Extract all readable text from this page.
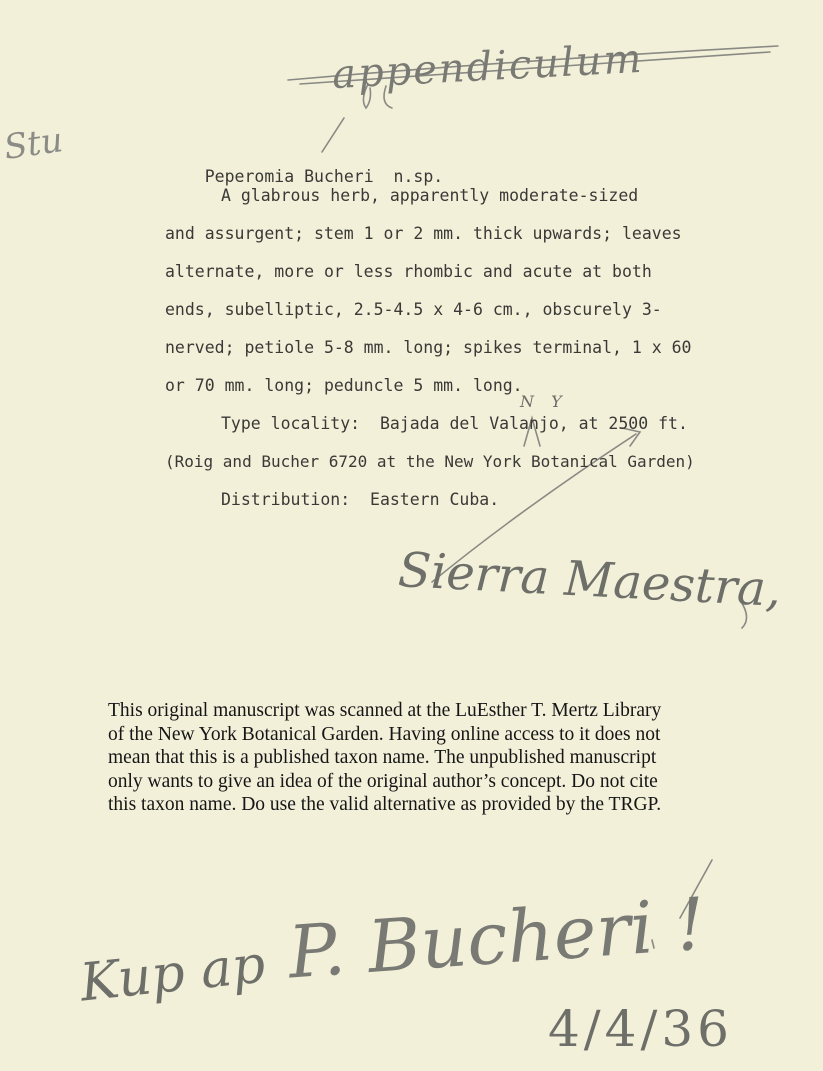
appendiculum
Stu
N Y
Sierra Maestra,
Kup ap P. Bucheri !
4/4/36

Peperomia Bucheri n.sp.

A glabrous herb, apparently moderate-sized
and assurgent; stem 1 or 2 mm. thick upwards; leaves
alternate, more or less rhombic and acute at both
ends, subelliptic, 2.5-4.5 x 4-6 cm., obscurely 3-
nerved; petiole 5-8 mm. long; spikes terminal, 1 x 60
or 70 mm. long; peduncle 5 mm. long.
Type locality:  Bajada del Valanjo, at 2500 ft.
(Roig and Bucher 6720 at the New York Botanical Garden)
Distribution:  Eastern Cuba.
This original manuscript was scanned at the LuEsther T. Mertz Library
of the New York Botanical Garden. Having online access to it does not
mean that this is a published taxon name. The unpublished manuscript
only wants to give an idea of the original author’s concept. Do not cite
this taxon name. Do use the valid alternative as provided by the TRGP.
